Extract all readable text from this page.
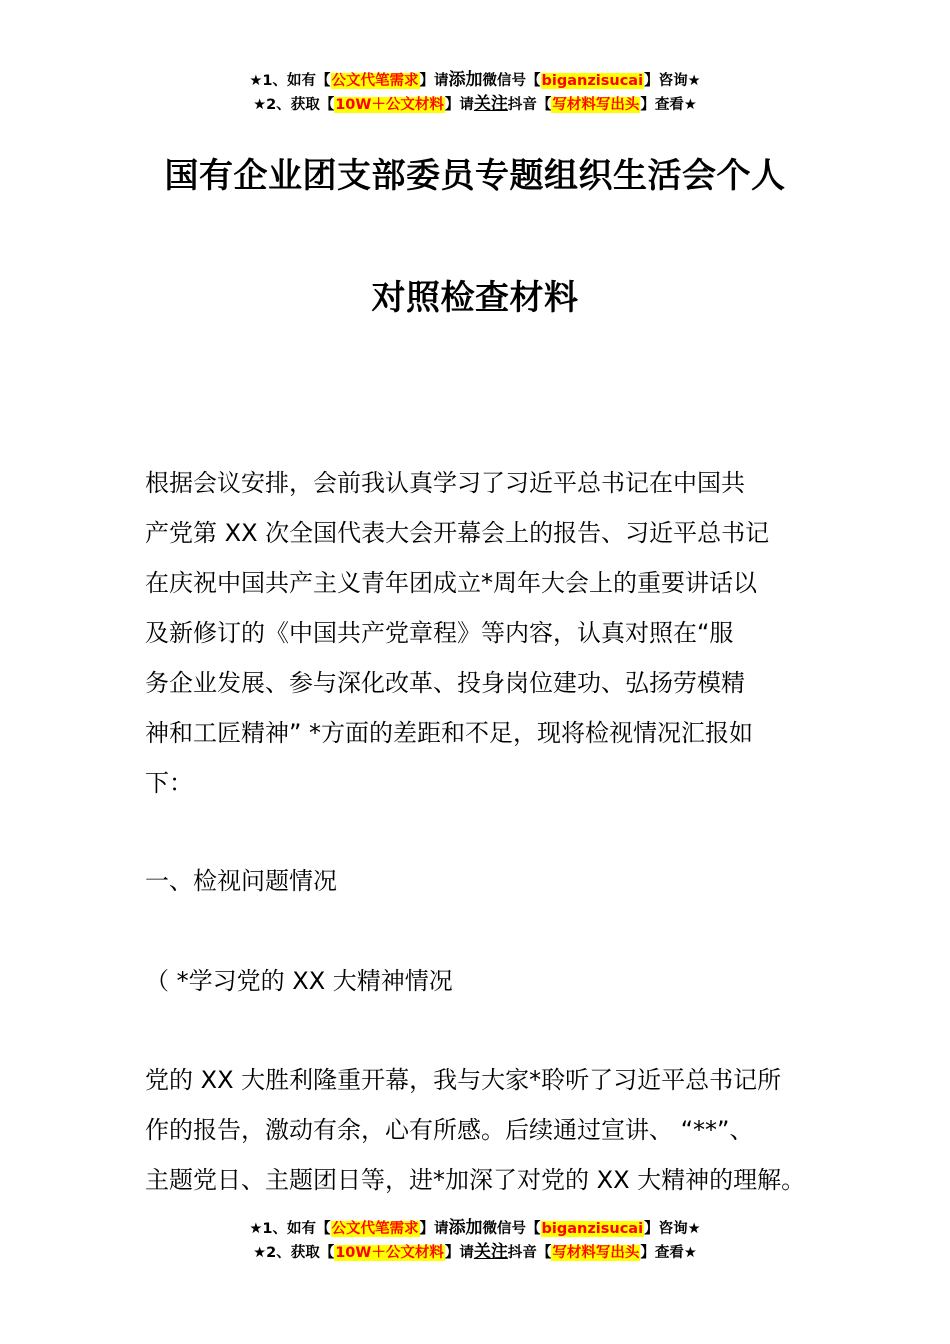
★1、如有【公文代笔需求】请添加微信号【biganzisucai】咨询★
★2、获取【10W＋公文材料】请关注抖音【写材料写出头】查看★
国有企业团支部委员专题组织生活会个人
对照检查材料
根据会议安排，会前我认真学习了习近平总书记在中国共
产党第 XX 次全国代表大会开幕会上的报告、习近平总书记
在庆祝中国共产主义青年团成立*周年大会上的重要讲话以
及新修订的《中国共产党章程》等内容，认真对照在“服
务企业发展、参与深化改革、投身岗位建功、弘扬劳模精
神和工匠精神” *方面的差距和不足，现将检视情况汇报如
下：
一、检视问题情况
（ *学习党的 XX 大精神情况
党的 XX 大胜利隆重开幕，我与大家*聆听了习近平总书记所
作的报告，激动有余，心有所感。后续通过宣讲、 “**”、
主题党日、主题团日等，进*加深了对党的 XX 大精神的理解。
★1、如有【公文代笔需求】请添加微信号【biganzisucai】咨询★
★2、获取【10W＋公文材料】请关注抖音【写材料写出头】查看★
